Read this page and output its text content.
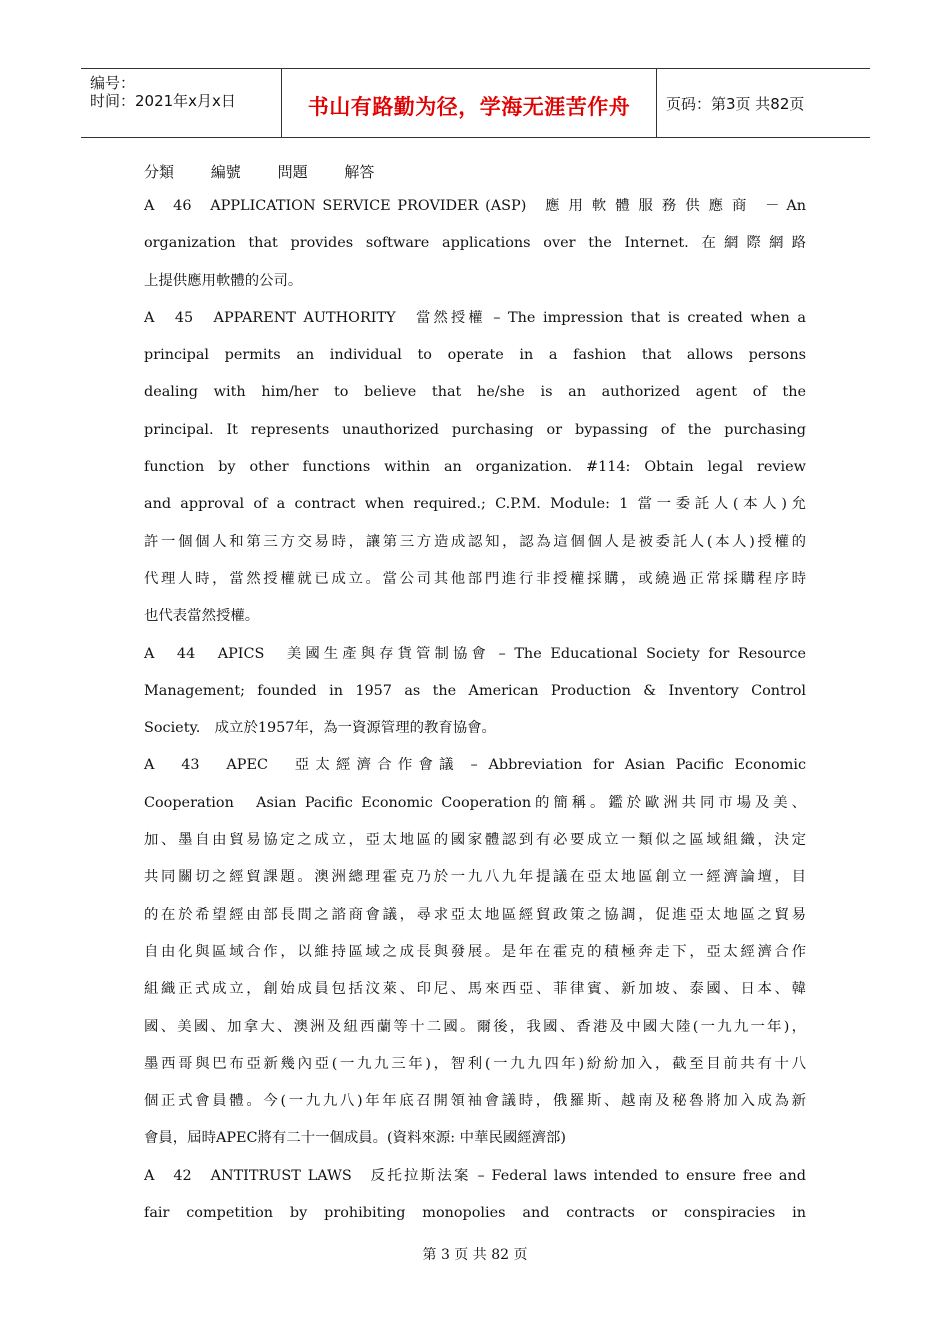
编号：
时间：2021年x月x日	书山有路勤为径，学海无涯苦作舟	页码：第3页 共82页
分類 編號 問題 解答
A　46　APPLICATION SERVICE PROVIDER (ASP)　應 用 軟 體 服 務 供 應 商　－ An
organization that provides software applications over the Internet. 在網際網路
上提供應用軟體的公司。
A　45　APPARENT AUTHORITY　當然授權 – The impression that is created when a
principal permits an individual to operate in a fashion that allows persons
dealing with him/her to believe that he/she is an authorized agent of the
principal. It represents unauthorized purchasing or bypassing of the purchasing
function by other functions within an organization. #114: Obtain legal review
and approval of a contract when required.; C.P.M. Module: 1 當一委託人(本人)允
許一個個人和第三方交易時，讓第三方造成認知，認為這個個人是被委託人(本人)授權的
代理人時，當然授權就已成立。當公司其他部門進行非授權採購，或繞過正常採購程序時
也代表當然授權。
A　44　APICS　美國生產與存貨管制協會 – The Educational Society for Resource
Management; founded in 1957 as the American Production & Inventory Control
Society.　成立於1957年，為一資源管理的教育協會。
A　43　APEC　亞太經濟合作會議 – Abbreviation for Asian Pacific Economic
Cooperation　Asian Pacific Economic Cooperation的簡稱。鑑於歐洲共同市場及美、
加、墨自由貿易協定之成立，亞太地區的國家體認到有必要成立一類似之區域組織，決定
共同關切之經貿課題。澳洲總理霍克乃於一九八九年提議在亞太地區創立一經濟論壇，目
的在於希望經由部長間之諮商會議，尋求亞太地區經貿政策之協調，促進亞太地區之貿易
自由化與區域合作，以維持區域之成長與發展。是年在霍克的積極奔走下，亞太經濟合作
組織正式成立，創始成員包括汶萊、印尼、馬來西亞、菲律賓、新加坡、泰國、日本、韓
國、美國、加拿大、澳洲及紐西蘭等十二國。爾後，我國、香港及中國大陸(一九九一年)，
墨西哥與巴布亞新幾內亞(一九九三年)，智利(一九九四年)紛紛加入，截至目前共有十八
個正式會員體。今(一九九八)年年底召開領袖會議時，俄羅斯、越南及秘魯將加入成為新
會員，屆時APEC將有二十一個成員。(資料來源: 中華民國經濟部)
A　42　ANTITRUST LAWS　反托拉斯法案 – Federal laws intended to ensure free and
fair competition by prohibiting monopolies and contracts or conspiracies in
第 3 页 共 82 页
